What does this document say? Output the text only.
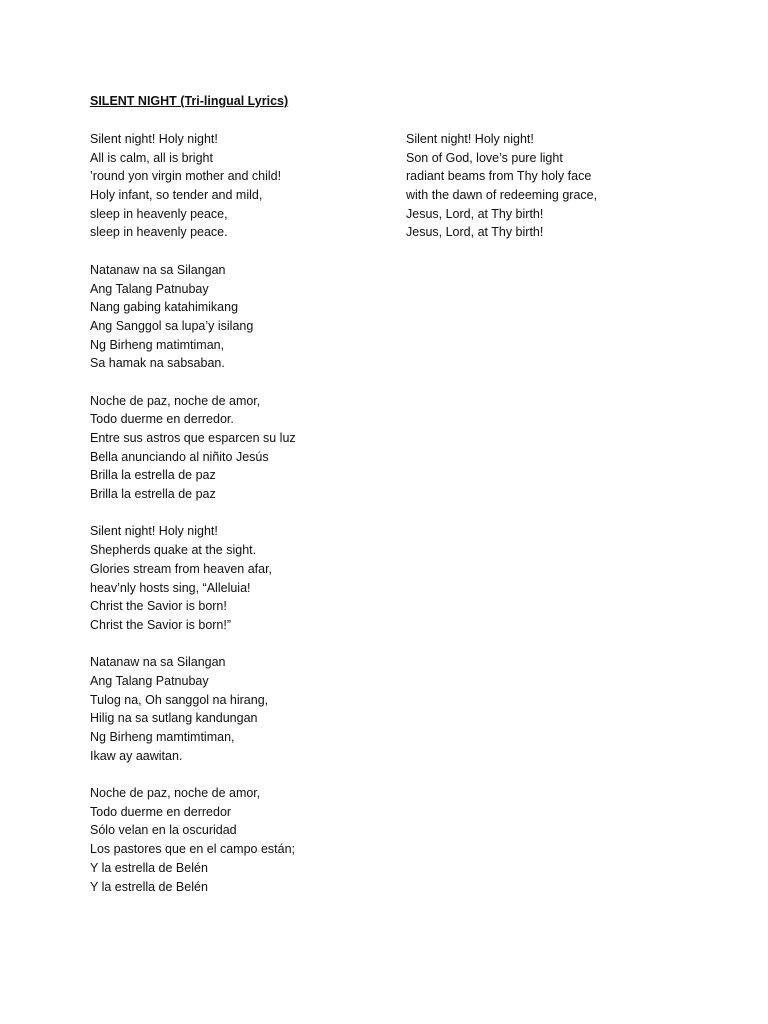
SILENT NIGHT (Tri-lingual Lyrics)
Silent night! Holy night!
All is calm, all is bright
’round yon virgin mother and child!
Holy infant, so tender and mild,
sleep in heavenly peace,
sleep in heavenly peace.
Natanaw na sa Silangan
Ang Talang Patnubay
Nang gabing katahimikang
Ang Sanggol sa lupa’y isilang
Ng Birheng matimtiman,
Sa hamak na sabsaban.
Noche de paz, noche de amor,
Todo duerme en derredor.
Entre sus astros que esparcen su luz
Bella anunciando al niñito Jesús
Brilla la estrella de paz
Brilla la estrella de paz
Silent night! Holy night!
Shepherds quake at the sight.
Glories stream from heaven afar,
heav’nly hosts sing, “Alleluia!
Christ the Savior is born!
Christ the Savior is born!”
Natanaw na sa Silangan
Ang Talang Patnubay
Tulog na, Oh sanggol na hirang,
Hilig na sa sutlang kandungan
Ng Birheng mamtimtiman,
Ikaw ay aawitan.
Noche de paz, noche de amor,
Todo duerme en derredor
Sólo velan en la oscuridad
Los pastores que en el campo están;
Y la estrella de Belén
Y la estrella de Belén
Silent night! Holy night!
Son of God, love’s pure light
radiant beams from Thy holy face
with the dawn of redeeming grace,
Jesus, Lord, at Thy birth!
Jesus, Lord, at Thy birth!
